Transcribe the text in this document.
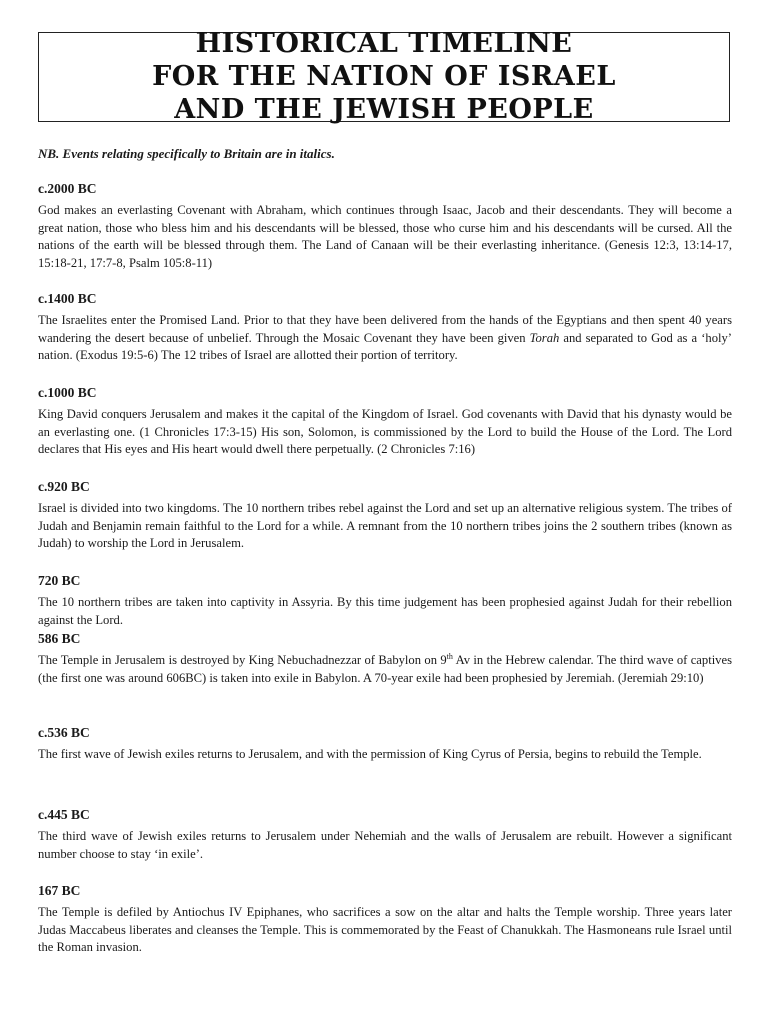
HISTORICAL TIMELINE
FOR THE NATION OF ISRAEL
AND THE JEWISH PEOPLE
NB. Events relating specifically to Britain are in italics.
c.2000 BC
God makes an everlasting Covenant with Abraham, which continues through Isaac, Jacob and their descendants. They will become a great nation, those who bless him and his descendants will be blessed, those who curse him and his descendants will be cursed. All the nations of the earth will be blessed through them. The Land of Canaan will be their everlasting inheritance. (Genesis 12:3, 13:14-17, 15:18-21, 17:7-8, Psalm 105:8-11)
c.1400 BC
The Israelites enter the Promised Land. Prior to that they have been delivered from the hands of the Egyptians and then spent 40 years wandering the desert because of unbelief. Through the Mosaic Covenant they have been given Torah and separated to God as a ‘holy’ nation. (Exodus 19:5-6) The 12 tribes of Israel are allotted their portion of territory.
c.1000 BC
King David conquers Jerusalem and makes it the capital of the Kingdom of Israel. God covenants with David that his dynasty would be an everlasting one. (1 Chronicles 17:3-15) His son, Solomon, is commissioned by the Lord to build the House of the Lord. The Lord declares that His eyes and His heart would dwell there perpetually. (2 Chronicles 7:16)
c.920 BC
Israel is divided into two kingdoms. The 10 northern tribes rebel against the Lord and set up an alternative religious system. The tribes of Judah and Benjamin remain faithful to the Lord for a while. A remnant from the 10 northern tribes joins the 2 southern tribes (known as Judah) to worship the Lord in Jerusalem.
720 BC
The 10 northern tribes are taken into captivity in Assyria. By this time judgement has been prophesied against Judah for their rebellion against the Lord.
586 BC
The Temple in Jerusalem is destroyed by King Nebuchadnezzar of Babylon on 9th Av in the Hebrew calendar. The third wave of captives (the first one was around 606BC) is taken into exile in Babylon. A 70-year exile had been prophesied by Jeremiah. (Jeremiah 29:10)
c.536 BC
The first wave of Jewish exiles returns to Jerusalem, and with the permission of King Cyrus of Persia, begins to rebuild the Temple.
c.445 BC
The third wave of Jewish exiles returns to Jerusalem under Nehemiah and the walls of Jerusalem are rebuilt. However a significant number choose to stay ‘in exile’.
167 BC
The Temple is defiled by Antiochus IV Epiphanes, who sacrifices a sow on the altar and halts the Temple worship. Three years later Judas Maccabeus liberates and cleanses the Temple. This is commemorated by the Feast of Chanukkah. The Hasmoneans rule Israel until the Roman invasion.
